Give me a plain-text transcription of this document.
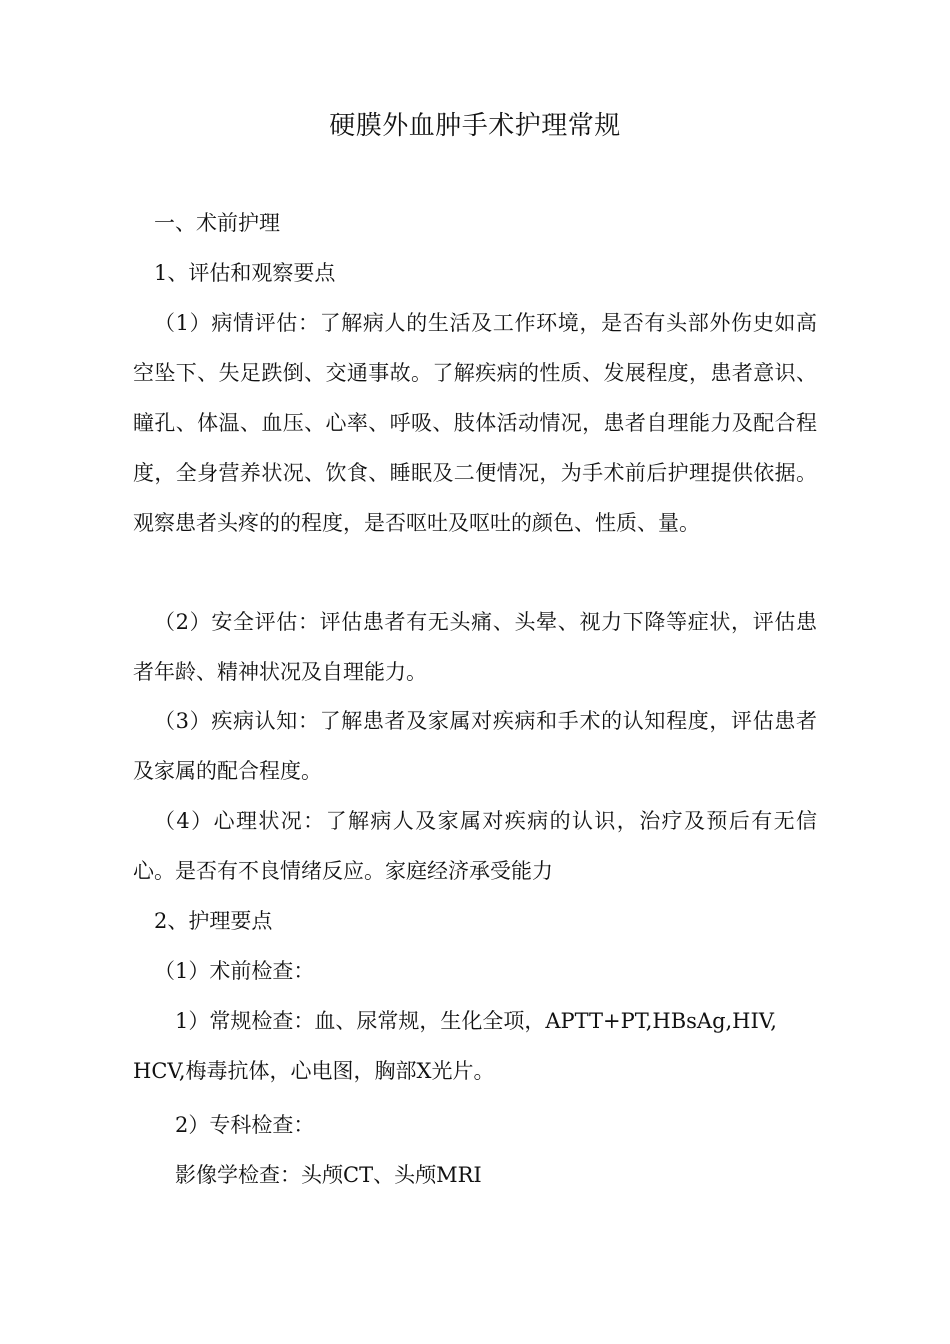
硬膜外血肿手术护理常规

一、术前护理

1、评估和观察要点

（1）病情评估：了解病人的生活及工作环境，是否有头部外伤史如高空坠下、失足跌倒、交通事故。了解疾病的性质、发展程度，患者意识、瞳孔、体温、血压、心率、呼吸、肢体活动情况，患者自理能力及配合程度，全身营养状况、饮食、睡眠及二便情况，为手术前后护理提供依据。观察患者头疼的的程度，是否呕吐及呕吐的颜色、性质、量。

（2）安全评估：评估患者有无头痛、头晕、视力下降等症状，评估患者年龄、精神状况及自理能力。

（3）疾病认知：了解患者及家属对疾病和手术的认知程度，评估患者及家属的配合程度。

（4）心理状况：了解病人及家属对疾病的认识，治疗及预后有无信心。是否有不良情绪反应。家庭经济承受能力

2、护理要点

（1）术前检查：

1）常规检查：血、尿常规，生化全项，APTT+PT,HBsAg,HIV,

HCV,梅毒抗体，心电图，胸部X光片。

2）专科检查：

影像学检查：头颅CT、头颅MRI
